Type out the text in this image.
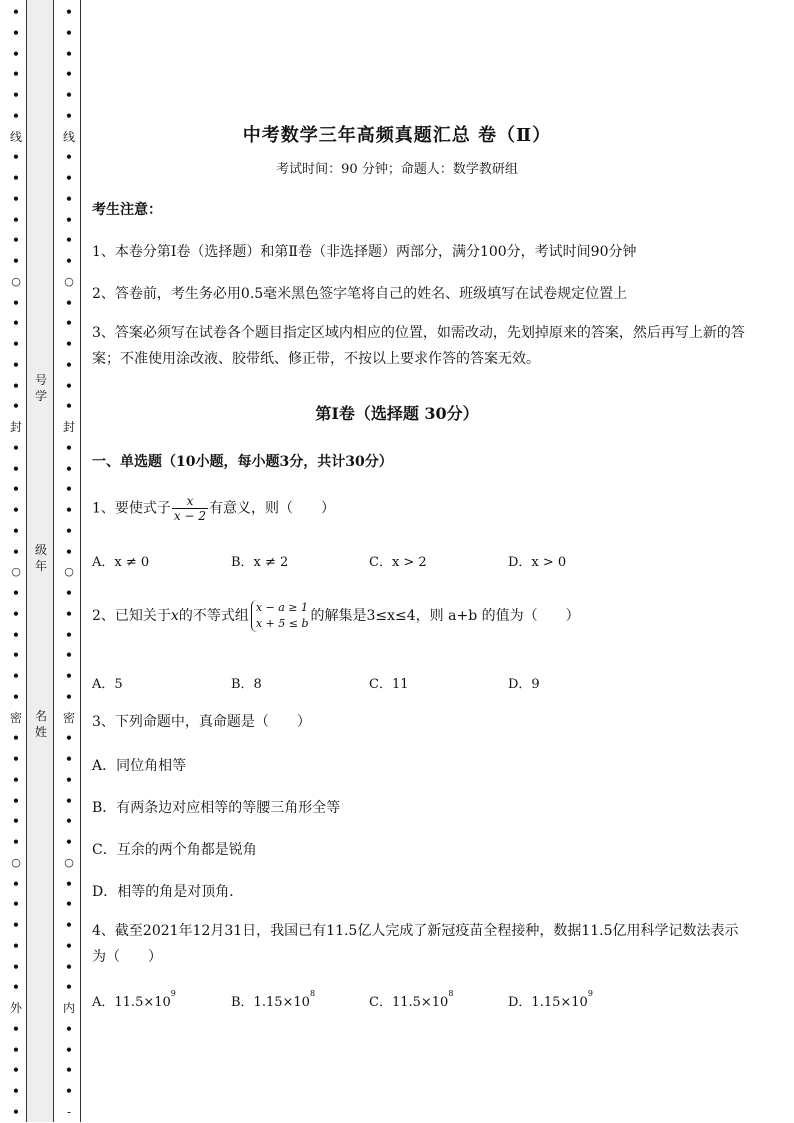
•
•
•
•
•
•
线
•
•
•
•
•
•
○
•
•
•
•
•
•
封
•
•
•
•
•
•
○
•
•
•
•
•
•
密
•
•
•
•
•
•
○
•
•
•
•
•
•
外
•
•
•
•
•
•
•
•
•
•
•
线
•
•
•
•
•
•
○
•
•
•
•
•
•
封
•
•
•
•
•
•
○
•
•
•
•
•
•
密
•
•
•
•
•
•
○
•
•
•
•
•
•
内
•
•
•
•
-
号
学
级
年
名
姓
中考数学三年高频真题汇总 卷（Ⅱ）
考试时间：90 分钟；命题人：数学教研组
考生注意：
1、本卷分第Ⅰ卷（选择题）和第Ⅱ卷（非选择题）两部分，满分100分，考试时间90分钟
2、答卷前，考生务必用0.5毫米黑色签字笔将自己的姓名、班级填写在试卷规定位置上
3、答案必须写在试卷各个题目指定区域内相应的位置，如需改动，先划掉原来的答案，然后再写上新的答案；不准使用涂改液、胶带纸、修正带，不按以上要求作答的答案无效。
第Ⅰ卷（选择题 30分）
一、单选题（10小题，每小题3分，共计30分）
1、要使式子 $\frac{x}{x - 2}$ 有意义，则（　　）
A．x ≠ 0	B．x ≠ 2	C．x > 2	D．x > 0
2、已知关于x的不等式组
x − a ≥ 1
x + 5 ≤ b 的解集是3≤x≤4，则 a+b 的值为（　　）
A．5	B．8	C．11	D．9
3、下列命题中，真命题是（　　）
A．同位角相等
B．有两条边对应相等的等腰三角形全等
C．互余的两个角都是锐角
D．相等的角是对顶角．
4、截至2021年12月31日，我国已有11.5亿人完成了新冠疫苗全程接种，数据11.5亿用科学记数法表示为（　　）
A．$11.5\times 10^9$
B．$1.15\times 10^8$
C．$11.5\times 10^8$
D．$1.15\times 10^9$
